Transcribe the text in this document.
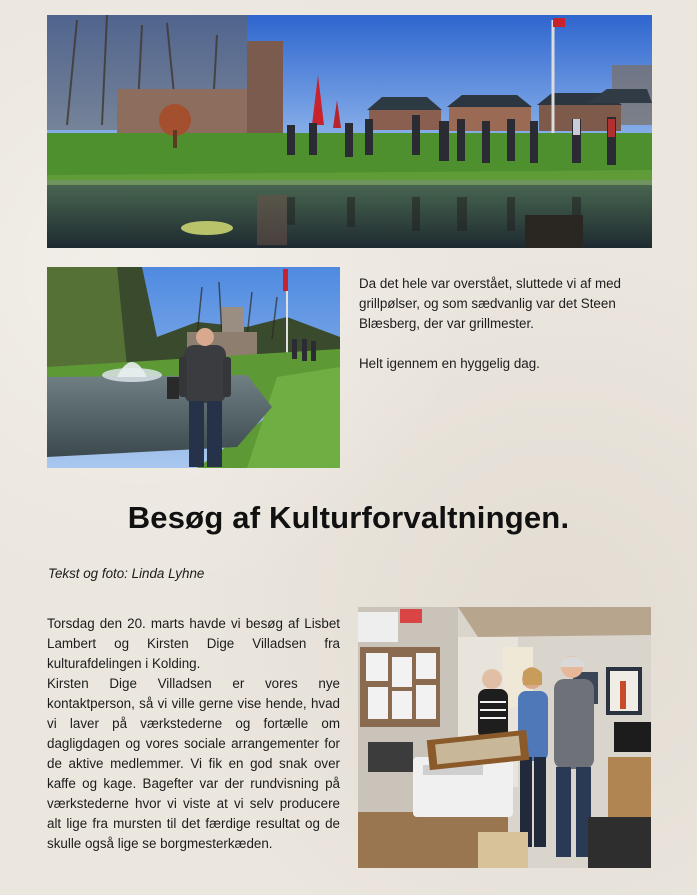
Da det hele var overstået, sluttede vi af med grillpølser, og som sædvanlig var det Steen Blæsberg, der var grillmester.

Helt igennem en hyggelig dag.

Besøg af Kulturforvaltningen.

Tekst og foto: Linda Lyhne

Torsdag den 20. marts havde vi besøg af Lisbet Lambert og Kirsten Dige Villadsen fra kulturafdelingen i Kolding.

Kirsten Dige Villadsen er vores nye kontaktperson, så vi ville gerne vise hende, hvad vi laver på værkstederne og fortælle om dagligdagen og vores sociale arrangementer for de aktive medlemmer. Vi fik en god snak over kaffe og kage. Bagefter var der rundvisning på værkstederne hvor vi viste at vi selv producere alt lige fra mursten til det færdige resultat og de skulle også lige se borgmesterkæden.
